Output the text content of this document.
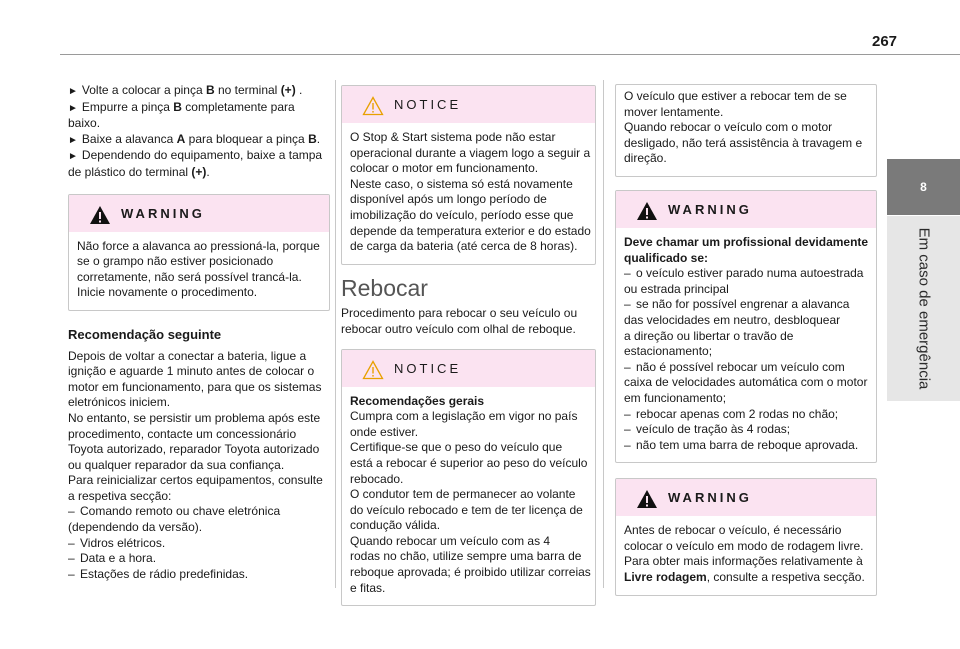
267
8
Em caso de emergência
► Volte a colocar a pinça B no terminal (+) .
► Empurre a pinça B completamente para
baixo.
► Baixe a alavanca A para bloquear a pinça B.
► Dependendo do equipamento, baixe a tampa
de plástico do terminal (+).
WARNING
Não force a alavanca ao pressioná-la, porque
se o grampo não estiver posicionado
corretamente, não será possível trancá-la.
Inicie novamente o procedimento.
Recomendação seguinte
Depois de voltar a conectar a bateria, ligue a
ignição e aguarde 1 minuto antes de colocar o
motor em funcionamento, para que os sistemas
eletrónicos iniciem.
No entanto, se persistir um problema após este
procedimento, contacte um concessionário
Toyota autorizado, reparador Toyota autorizado
ou qualquer reparador da sua confiança.
Para reinicializar certos equipamentos, consulte
a respetiva secção:
– Comando remoto ou chave eletrónica
(dependendo da versão).
– Vidros elétricos.
– Data e a hora.
– Estações de rádio predefinidas.
NOTICE
O Stop & Start sistema pode não estar
operacional durante a viagem logo a seguir a
colocar o motor em funcionamento.
Neste caso, o sistema só está novamente
disponível após um longo período de
imobilização do veículo, período esse que
depende da temperatura exterior e do estado
de carga da bateria (até cerca de 8 horas).
Rebocar
Procedimento para rebocar o seu veículo ou
rebocar outro veículo com olhal de reboque.
NOTICE
Recomendações gerais
Cumpra com a legislação em vigor no país
onde estiver.
Certifique-se que o peso do veículo que
está a rebocar é superior ao peso do veículo
rebocado.
O condutor tem de permanecer ao volante
do veículo rebocado e tem de ter licença de
condução válida.
Quando rebocar um veículo com as 4
rodas no chão, utilize sempre uma barra de
reboque aprovada; é proibido utilizar correias
e fitas.
O veículo que estiver a rebocar tem de se
mover lentamente.
Quando rebocar o veículo com o motor
desligado, não terá assistência à travagem e
direção.
WARNING
Deve chamar um profissional devidamente
qualificado se:
– o veículo estiver parado numa autoestrada
ou estrada principal
– se não for possível engrenar a alavanca
das velocidades em neutro, desbloquear
a direção ou libertar o travão de
estacionamento;
– não é possível rebocar um veículo com
caixa de velocidades automática com o motor
em funcionamento;
– rebocar apenas com 2 rodas no chão;
– veículo de tração às 4 rodas;
– não tem uma barra de reboque aprovada.
WARNING
Antes de rebocar o veículo, é necessário
colocar o veículo em modo de rodagem livre.
Para obter mais informações relativamente à
Livre rodagem, consulte a respetiva secção.
